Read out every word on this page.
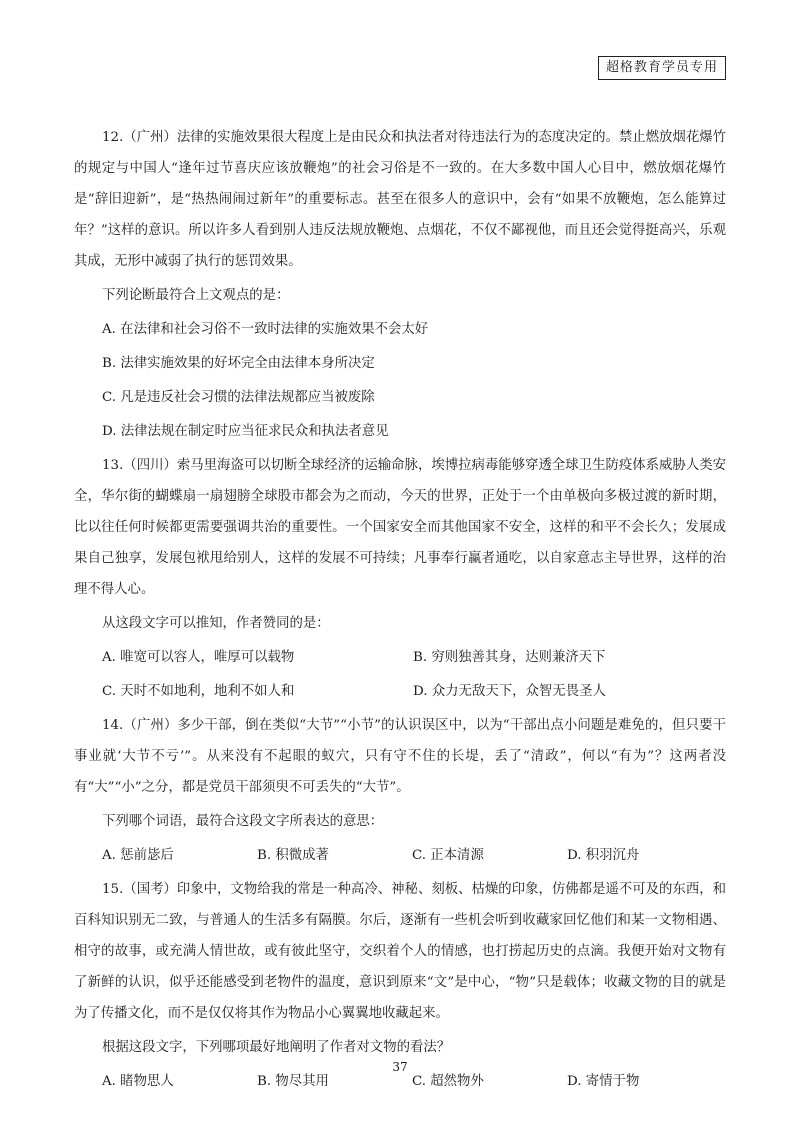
超格教育学员专用

12.（广州）法律的实施效果很大程度上是由民众和执法者对待违法行为的态度决定的。禁止燃放烟花爆竹的规定与中国人“逢年过节喜庆应该放鞭炮”的社会习俗是不一致的。在大多数中国人心目中，燃放烟花爆竹是“辞旧迎新”，是“热热闹闹过新年”的重要标志。甚至在很多人的意识中，会有“如果不放鞭炮，怎么能算过年？”这样的意识。所以许多人看到别人违反法规放鞭炮、点烟花，不仅不鄙视他，而且还会觉得挺高兴，乐观其成，无形中减弱了执行的惩罚效果。

下列论断最符合上文观点的是：

A. 在法律和社会习俗不一致时法律的实施效果不会太好
B. 法律实施效果的好坏完全由法律本身所决定
C. 凡是违反社会习惯的法律法规都应当被废除
D. 法律法规在制定时应当征求民众和执法者意见

13.（四川）索马里海盗可以切断全球经济的运输命脉，埃博拉病毒能够穿透全球卫生防疫体系威胁人类安全，华尔街的蝴蝶扇一扇翅膀全球股市都会为之而动，今天的世界，正处于一个由单极向多极过渡的新时期，比以往任何时候都更需要强调共治的重要性。一个国家安全而其他国家不安全，这样的和平不会长久；发展成果自己独享，发展包袱甩给别人，这样的发展不可持续；凡事奉行赢者通吃，以自家意志主导世界，这样的治理不得人心。

从这段文字可以推知，作者赞同的是：

A. 唯宽可以容人，唯厚可以载物	B. 穷则独善其身，达则兼济天下
C. 天时不如地利，地利不如人和	D. 众力无敌天下，众智无畏圣人

14.（广州）多少干部，倒在类似“大节”“小节”的认识误区中，以为“干部出点小问题是难免的，但只要干事业就‘大节不亏’”。从来没有不起眼的蚁穴，只有守不住的长堤，丢了“清政”，何以“有为”？这两者没有“大”“小”之分，都是党员干部须臾不可丢失的“大节”。

下列哪个词语，最符合这段文字所表达的意思：

A. 惩前毖后	B. 积微成著	C. 正本清源	D. 积羽沉舟

15.（国考）印象中，文物给我的常是一种高冷、神秘、刻板、枯燥的印象，仿佛都是遥不可及的东西，和百科知识别无二致，与普通人的生活多有隔膜。尔后，逐渐有一些机会听到收藏家回忆他们和某一文物相遇、相守的故事，或充满人情世故，或有彼此坚守，交织着个人的情感，也打捞起历史的点滴。我便开始对文物有了新鲜的认识，似乎还能感受到老物件的温度，意识到原来“文”是中心，“物”只是载体；收藏文物的目的就是为了传播文化，而不是仅仅将其作为物品小心翼翼地收藏起来。

根据这段文字，下列哪项最好地阐明了作者对文物的看法？

A. 睹物思人	B. 物尽其用	C. 超然物外	D. 寄情于物
37
